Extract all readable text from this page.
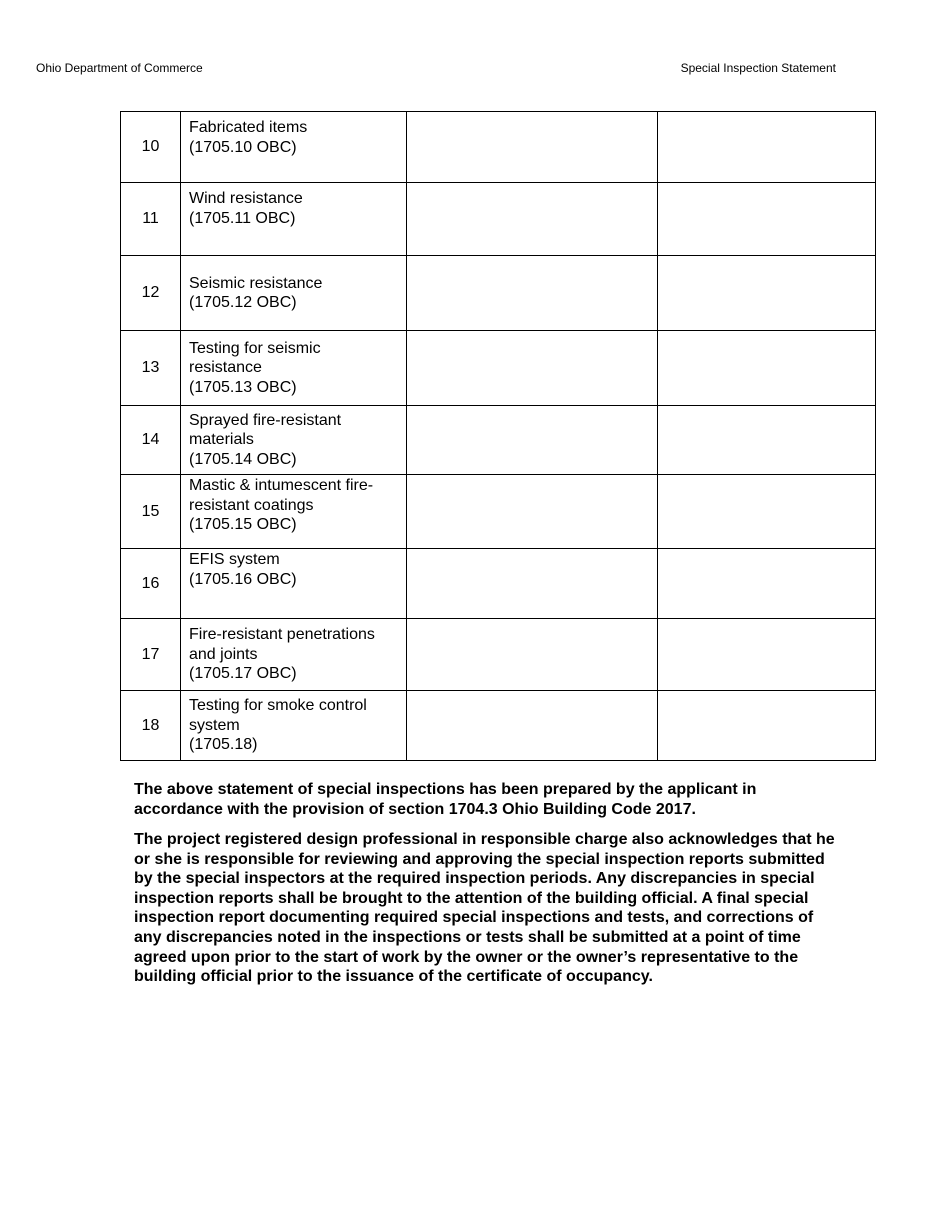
Ohio Department of Commerce	Special Inspection Statement
10	Fabricated items
(1705.10 OBC)		

11	Wind resistance
(1705.11 OBC)		

12	Seismic resistance
(1705.12 OBC)		

13	Testing for seismic
resistance
(1705.13 OBC)		

14	Sprayed fire-resistant
materials
(1705.14 OBC)		

15	Mastic & intumescent fire-
resistant coatings
(1705.15 OBC)		

16	EFIS system
(1705.16 OBC)		

17	Fire-resistant penetrations
and joints
(1705.17 OBC)		

18	Testing for smoke control
system
(1705.18)		

The above statement of special inspections has been prepared by the applicant in accordance with the provision of section 1704.3 Ohio Building Code 2017.

The project registered design professional in responsible charge also acknowledges that he or she is responsible for reviewing and approving the special inspection reports submitted by the special inspectors at the required inspection periods. Any discrepancies in special inspection reports shall be brought to the attention of the building official. A final special inspection report documenting required special inspections and tests, and corrections of any discrepancies noted in the inspections or tests shall be submitted at a point of time agreed upon prior to the start of work by the owner or the owner’s representative to the building official prior to the issuance of the certificate of occupancy.
